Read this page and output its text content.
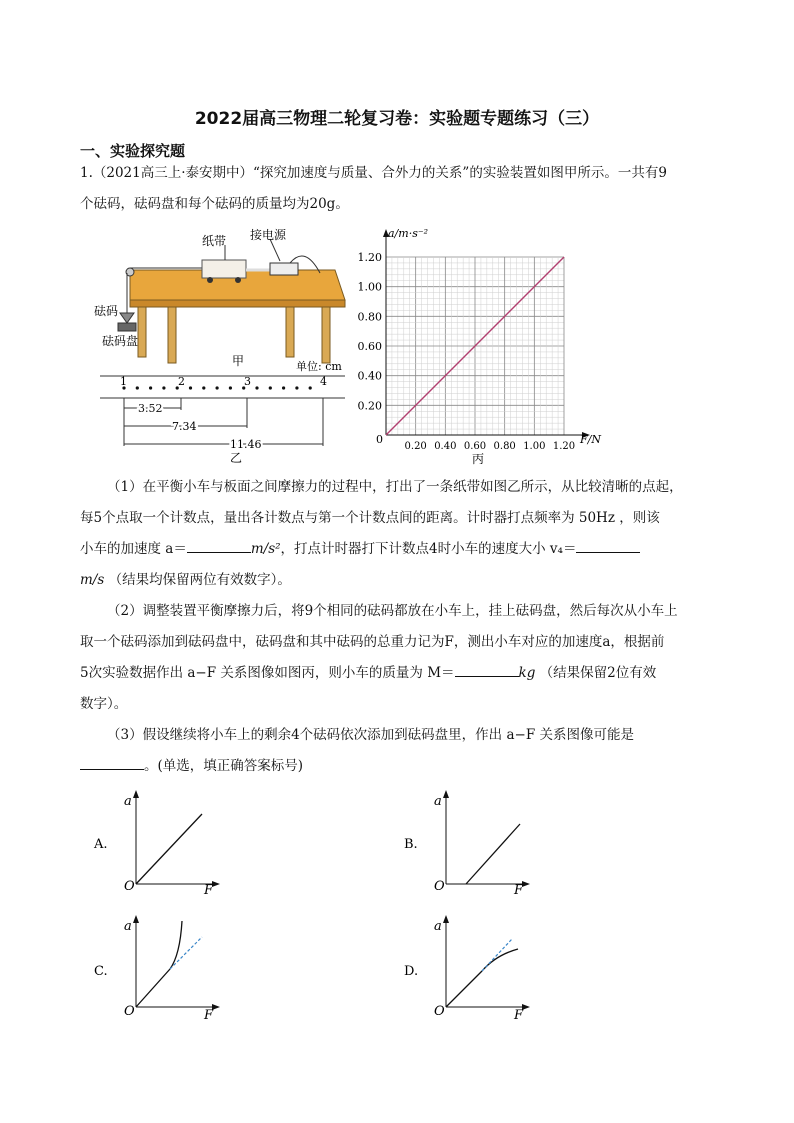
2022届高三物理二轮复习卷：实验题专题练习（三）
一、实验探究题
1.（2021高三上·泰安期中）“探究加速度与质量、合外力的关系”的实验装置如图甲所示。一共有9
个砝码，砝码盘和每个砝码的质量均为20g。
纸带 接电源
砝码
砝码盘
甲	单位: cm
1	2	3	4
3.52
7.34
11.46
乙
0.20
0.40
0.60
0.80
1.00
1.20
0.20 0.40 0.60 0.80 1.00 1.20
a/m·s⁻²
F/N
0
丙
（1）在平衡小车与板面之间摩擦力的过程中，打出了一条纸带如图乙所示，从比较清晰的点起，
每5个点取一个计数点，量出各计数点与第一个计数点间的距离。计时器打点频率为 50Hz ，则该
小车的加速度 a＝	m/s²，打点计时器打下计数点4时小车的速度大小 v₄＝
m/s （结果均保留两位有效数字）。
（2）调整装置平衡摩擦力后，将9个相同的砝码都放在小车上，挂上砝码盘，然后每次从小车上
取一个砝码添加到砝码盘中，砝码盘和其中砝码的总重力记为F，测出小车对应的加速度a，根据前
5次实验数据作出 a−F 关系图像如图丙，则小车的质量为 M＝	kg （结果保留2位有效
数字）。
（3）假设继续将小车上的剩余4个砝码依次添加到砝码盘里，作出 a−F 关系图像可能是
。(单选，填正确答案标号)
A.
a
O	F
B.
a
O	F
C.
a
O	F
D.
a
O	F
